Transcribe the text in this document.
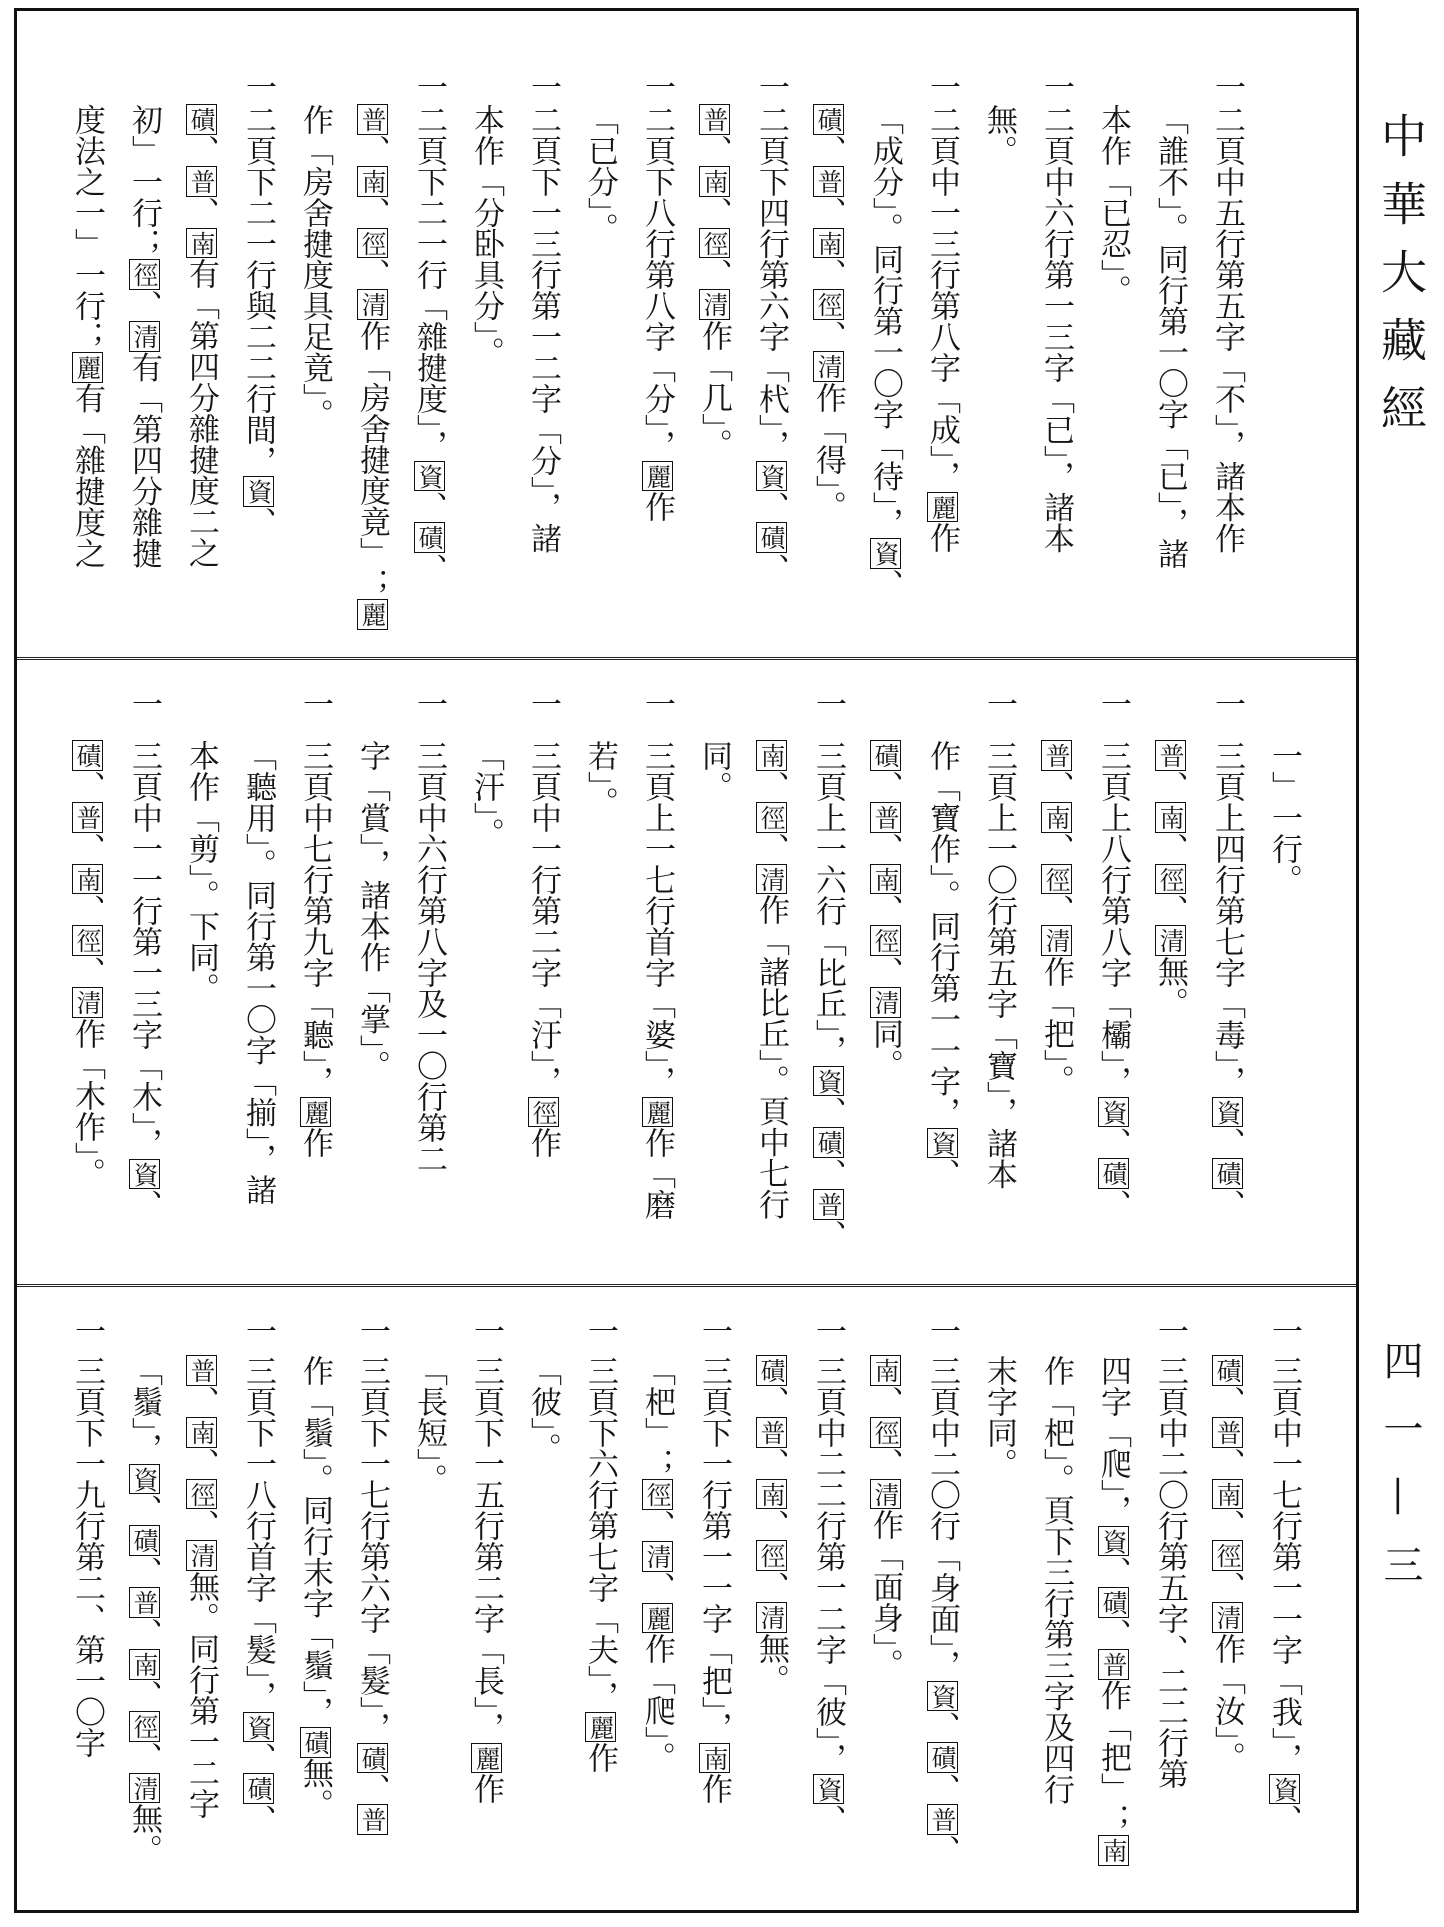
一
二頁中五行第五字「不」，諸本作
「誰不」。同行第一〇字「已」，諸
本作「已忍」。
一
二頁中六行第一三字「已」，諸本
無。
一
二頁中一三行第八字「成」，麗作
「成分」。同行第一〇字「待」，資、
磧、普、南、徑、清作「得」。
一
二頁下四行第六字「杙」，資、磧、
普、南、徑、清作「几」。
一
二頁下八行第八字「分」，麗作
「已分」。
一
二頁下一三行第一二字「分」，諸
本作「分卧具分」。
一
二頁下二一行「雜揵度」，資、磧、
普、南、徑、清作「房舍揵度竟」；麗
作「房舍揵度具足竟」。
一
二頁下二一行與二二行間，資、
磧、普、南有「第四分雜揵度二之
初」一行；徑、清有「第四分雜揵
度法之一」一行；麗有「雜揵度之
一」一行。
一
三頁上四行第七字「毒」，資、磧、
普、南、徑、清無。
一
三頁上八行第八字「欛」，資、磧、
普、南、徑、清作「把」。
一
三頁上一〇行第五字「寶」，諸本
作「寶作」。同行第一一字，資、
磧、普、南、徑、清同。
一
三頁上一六行「比丘」，資、磧、普、
南、徑、清作「諸比丘」。頁中七行
同。
一
三頁上一七行首字「婆」，麗作「磨
若」。
一
三頁中一行第二字「汙」，徑作
「汗」。
一
三頁中六行第八字及一〇行第二
字「賞」，諸本作「掌」。
一
三頁中七行第九字「聽」，麗作
「聽用」。同行第一〇字「揃」，諸
本作「剪」。下同。
一
三頁中一一行第一三字「木」，資、
磧、普、南、徑、清作「木作」。
一
三頁中一七行第一一字「我」，資、
磧、普、南、徑、清作「汝」。
一
三頁中二〇行第五字、二二行第
四字「爬」，資、磧、普作「把」；南
作「杷」。頁下三行第三字及四行
末字同。
一
三頁中二〇行「身面」，資、磧、普、
南、徑、清作「面身」。
一
三頁中二二行第一二字「彼」，資、
磧、普、南、徑、清無。
一
三頁下一行第一一字「把」，南作
「杷」；徑、清、麗作「爬」。
一
三頁下六行第七字「夫」，麗作
「彼」。
一
三頁下一五行第二字「長」，麗作
「長短」。
一
三頁下一七行第六字「髮」，磧、普
作「鬚」。同行末字「鬚」，磧無。
一
三頁下一八行首字「髮」，資、磧、
普、南、徑、清無。同行第一二字
「鬚」，資、磧、普、南、徑、清無。
一
三頁下一九行第二、第一〇字
中華大藏經
四一—三
